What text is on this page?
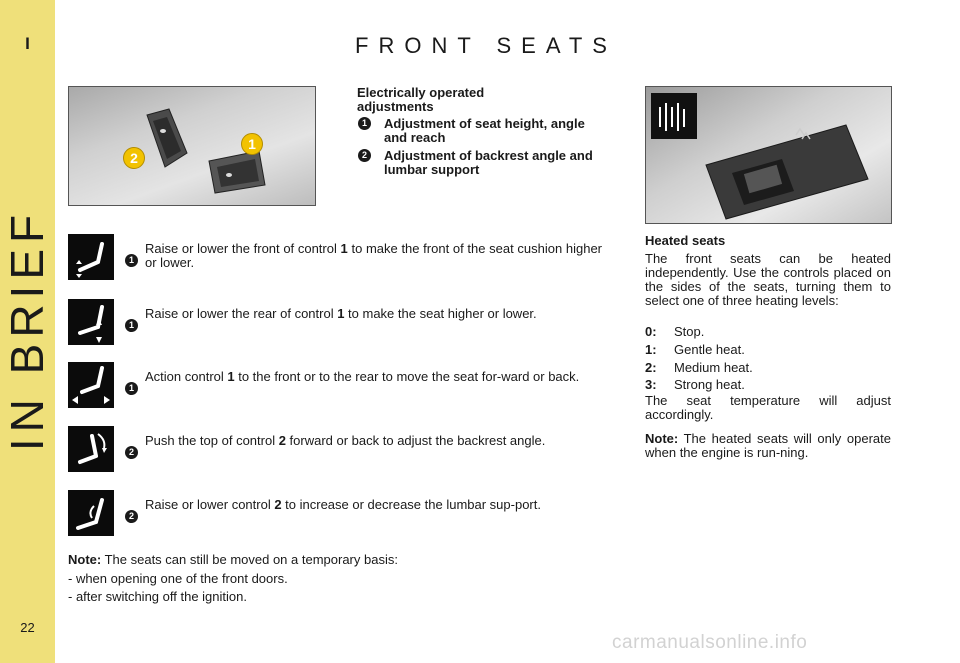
I
IN BRIEF
22
FRONT SEATS
2
1
Electrically operated adjustments
1 Adjustment of seat height, angle and reach
2 Adjustment of backrest angle and lumbar support
1
Raise or lower the front of control 1 to make the front of the seat cushion higher or lower.
1
Raise or lower the rear of control 1 to make the seat higher or lower.
1
Action control 1 to the front or to the rear to move the seat for-ward or back.
2
Push the top of control 2 forward or back to adjust the backrest angle.
2
Raise or lower control 2 to increase or decrease the lumbar sup-port.
Note: The seats can still be moved on a temporary basis:
- when opening one of the front doors.
- after switching off the ignition.
Heated seats
The front seats can be heated independently. Use the controls placed on the sides of the seats, turning them to select one of three heating levels:
0: Stop.
1: Gentle heat.
2: Medium heat.
3: Strong heat.
The seat temperature will adjust accordingly.
Note: The heated seats will only operate when the engine is run-ning.
carmanualsonline.info
